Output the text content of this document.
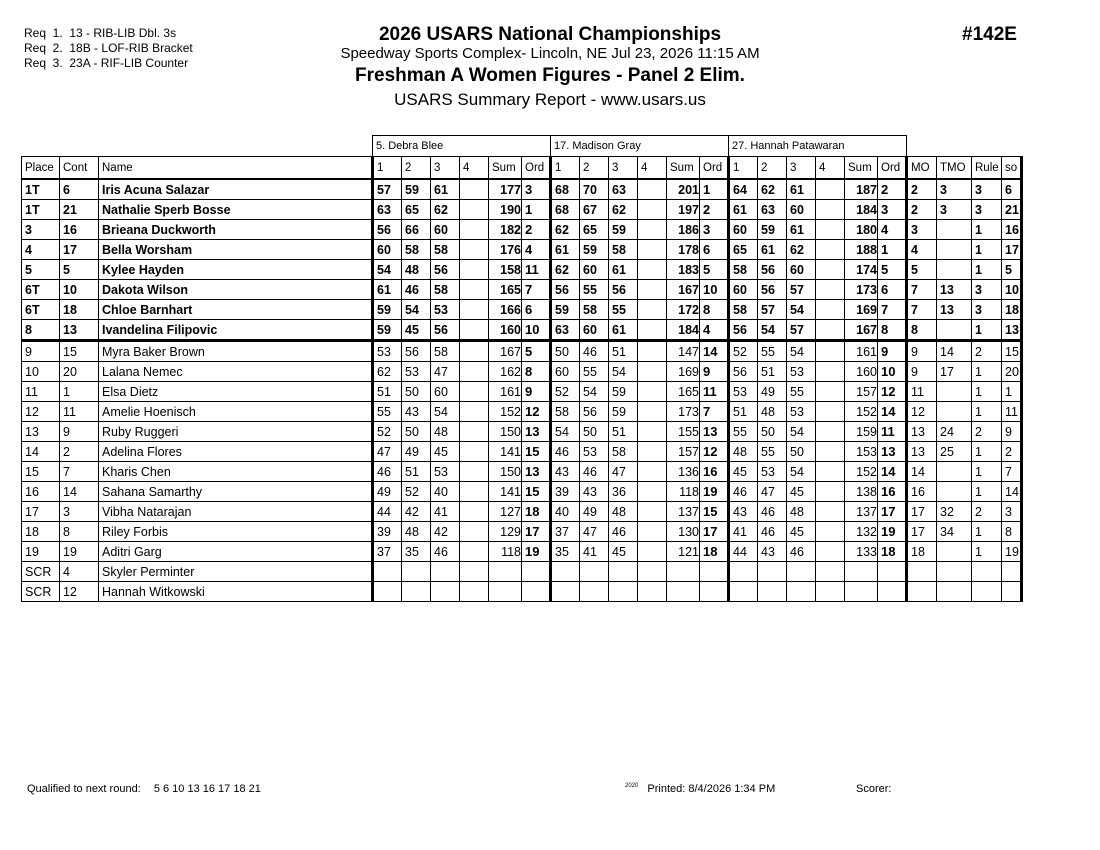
Req  1. 13 - RIB-LIB Dbl. 3s
Req  2. 18B - LOF-RIB Bracket
Req  3. 23A - RIF-LIB Counter
2026 USARS National Championships
Speedway Sports Complex- Lincoln, NE Jul 23, 2026 11:15 AM
Freshman A Women Figures - Panel 2 Elim.
USARS Summary Report - www.usars.us
#142E
			5. Debra Blee						17. Madison Gray						27. Hannah Patawaran									
Place	Cont	Name	1	2	3	4	Sum	Ord	1	2	3	4	Sum	Ord	1	2	3	4	Sum	Ord	MO	TMO	Rule	so
1T	6	Iris Acuna Salazar	57	59	61		177	3	68	70	63		201	1	64	62	61		187	2	2	3	3	6
1T	21	Nathalie Sperb Bosse	63	65	62		190	1	68	67	62		197	2	61	63	60		184	3	2	3	3	21
3	16	Brieana Duckworth	56	66	60		182	2	62	65	59		186	3	60	59	61		180	4	3		1	16
4	17	Bella Worsham	60	58	58		176	4	61	59	58		178	6	65	61	62		188	1	4		1	17
5	5	Kylee Hayden	54	48	56		158	11	62	60	61		183	5	58	56	60		174	5	5		1	5
6T	10	Dakota Wilson	61	46	58		165	7	56	55	56		167	10	60	56	57		173	6	7	13	3	10
6T	18	Chloe Barnhart	59	54	53		166	6	59	58	55		172	8	58	57	54		169	7	7	13	3	18
8	13	Ivandelina Filipovic	59	45	56		160	10	63	60	61		184	4	56	54	57		167	8	8		1	13
9	15	Myra Baker Brown	53	56	58		167	5	50	46	51		147	14	52	55	54		161	9	9	14	2	15
10	20	Lalana Nemec	62	53	47		162	8	60	55	54		169	9	56	51	53		160	10	9	17	1	20
11	1	Elsa Dietz	51	50	60		161	9	52	54	59		165	11	53	49	55		157	12	11		1	1
12	11	Amelie Hoenisch	55	43	54		152	12	58	56	59		173	7	51	48	53		152	14	12		1	11
13	9	Ruby Ruggeri	52	50	48		150	13	54	50	51		155	13	55	50	54		159	11	13	24	2	9
14	2	Adelina Flores	47	49	45		141	15	46	53	58		157	12	48	55	50		153	13	13	25	1	2
15	7	Kharis Chen	46	51	53		150	13	43	46	47		136	16	45	53	54		152	14	14		1	7
16	14	Sahana Samarthy	49	52	40		141	15	39	43	36		118	19	46	47	45		138	16	16		1	14
17	3	Vibha Natarajan	44	42	41		127	18	40	49	48		137	15	43	46	48		137	17	17	32	2	3
18	8	Riley Forbis	39	48	42		129	17	37	47	46		130	17	41	46	45		132	19	17	34	1	8
19	19	Aditri Garg	37	35	46		118	19	35	41	45		121	18	44	43	46		133	18	18		1	19
SCR	4	Skyler Perminter																						
SCR	12	Hannah Witkowski																						
Qualified to next round: 5 6 10 13 16 17 18 21	$^{2020}$ Printed: 8/4/2026 1:34 PM	Scorer:
